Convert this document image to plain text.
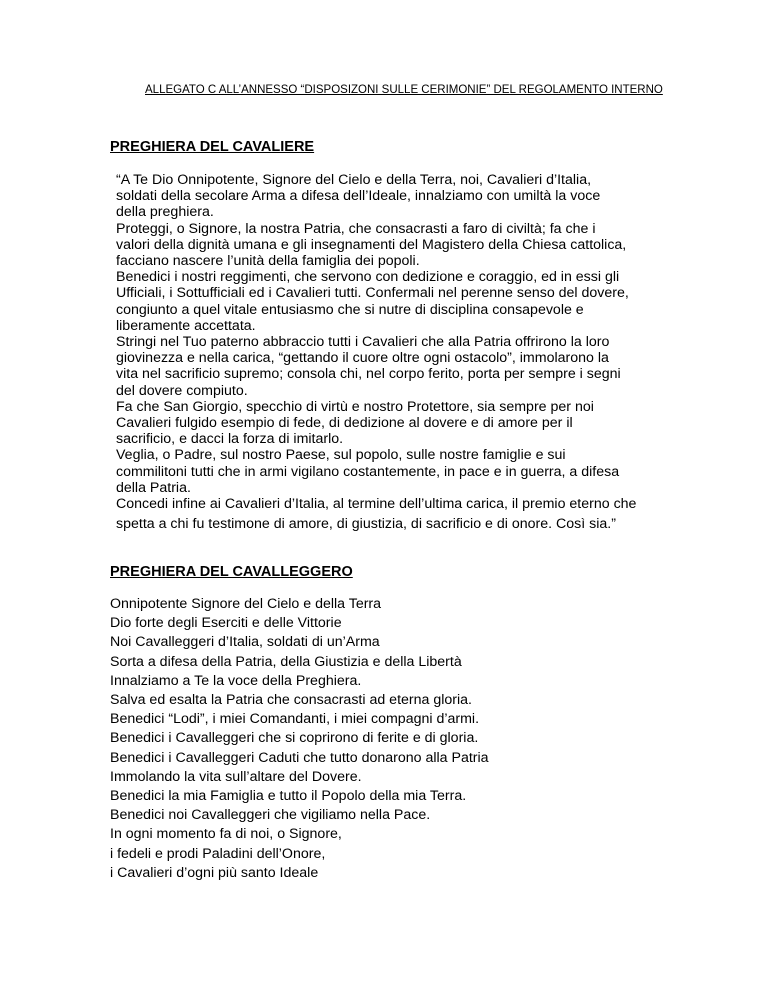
ALLEGATO C ALL’ANNESSO “DISPOSIZONI SULLE CERIMONIE” DEL REGOLAMENTO INTERNO
PREGHIERA DEL CAVALIERE
“A Te Dio Onnipotente, Signore del Cielo e della Terra, noi, Cavalieri d’Italia,
soldati della secolare Arma a difesa dell’Ideale, innalziamo con umiltà la voce
della preghiera.
Proteggi, o Signore, la nostra Patria, che consacrasti a faro di civiltà; fa che i
valori della dignità umana e gli insegnamenti del Magistero della Chiesa cattolica,
facciano nascere l’unità della famiglia dei popoli.
Benedici i nostri reggimenti, che servono con dedizione e coraggio, ed in essi gli
Ufficiali, i Sottufficiali ed i Cavalieri tutti. Confermali nel perenne senso del dovere,
congiunto a quel vitale entusiasmo che si nutre di disciplina consapevole e
liberamente accettata.
Stringi nel Tuo paterno abbraccio tutti i Cavalieri che alla Patria offrirono la loro
giovinezza e nella carica, “gettando il cuore oltre ogni ostacolo”, immolarono la
vita nel sacrificio supremo; consola chi, nel corpo ferito, porta per sempre i segni
del dovere compiuto.
Fa che San Giorgio, specchio di virtù e nostro Protettore, sia sempre per noi
Cavalieri fulgido esempio di fede, di dedizione al dovere e di amore per il
sacrificio, e dacci la forza di imitarlo.
Veglia, o Padre, sul nostro Paese, sul popolo, sulle nostre famiglie e sui
commilitoni tutti che in armi vigilano costantemente, in pace e in guerra, a difesa
della Patria.
Concedi infine ai Cavalieri d’Italia, al termine dell’ultima carica, il premio eterno che
spetta a chi fu testimone di amore, di giustizia, di sacrificio e di onore. Così sia.”
PREGHIERA DEL CAVALLEGGERO
Onnipotente Signore del Cielo e della Terra
Dio forte degli Eserciti e delle Vittorie
Noi Cavalleggeri d’Italia, soldati di un’Arma
Sorta a difesa della Patria, della Giustizia e della Libertà
Innalziamo a Te la voce della Preghiera.
Salva ed esalta la Patria che consacrasti ad eterna gloria.
Benedici “Lodi”, i miei Comandanti, i miei compagni d’armi.
Benedici i Cavalleggeri che si coprirono di ferite e di gloria.
Benedici i Cavalleggeri Caduti che tutto donarono alla Patria
Immolando la vita sull’altare del Dovere.
Benedici la mia Famiglia e tutto il Popolo della mia Terra.
Benedici noi Cavalleggeri che vigiliamo nella Pace.
In ogni momento fa di noi, o Signore,
i fedeli e prodi Paladini dell’Onore,
i Cavalieri d’ogni più santo Ideale
